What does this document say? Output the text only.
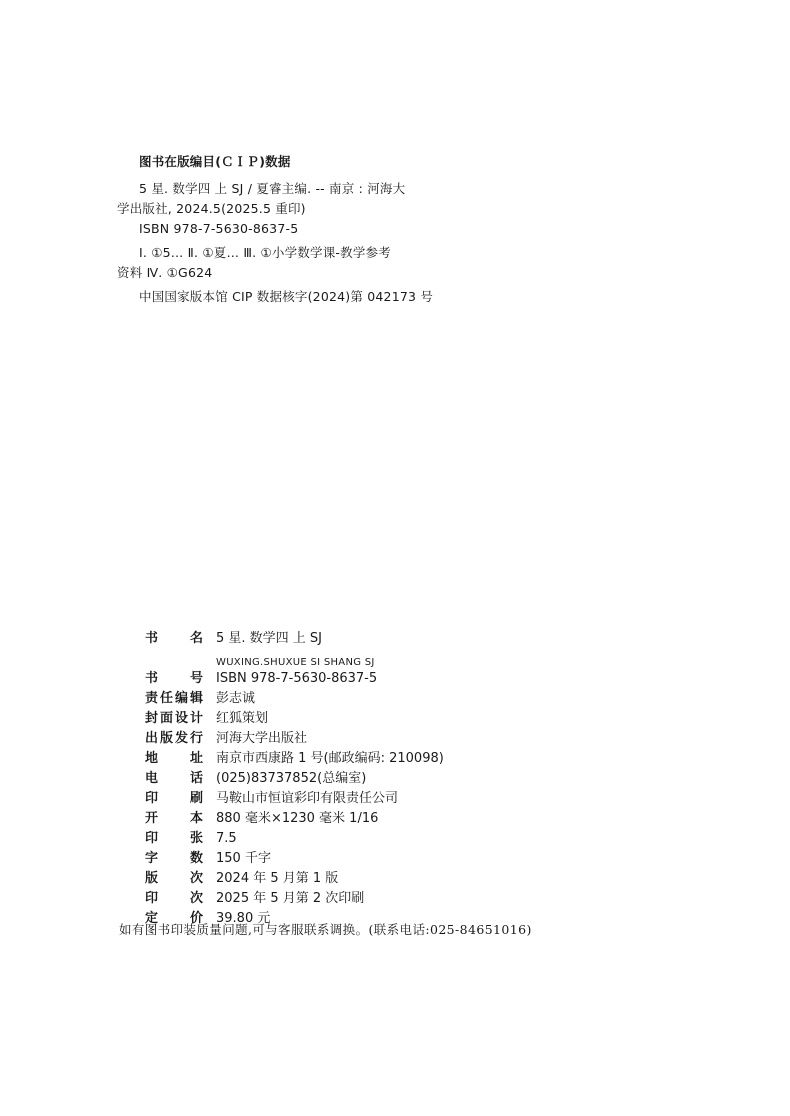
图书在版编目(ＣＩＰ)数据
5 星. 数学四 上 SJ / 夏睿主编. -- 南京 : 河海大
学出版社, 2024.5(2025.5 重印)
ISBN 978-7-5630-8637-5
Ⅰ. ①5… Ⅱ. ①夏… Ⅲ. ①小学数学课-教学参考
资料 Ⅳ. ①G624
中国国家版本馆 CIP 数据核字(2024)第 042173 号
书名 5 星. 数学四 上 SJ
WUXING.SHUXUE SI SHANG SJ
书号 ISBN 978-7-5630-8637-5
责任编辑 彭志诚
封面设计 红狐策划
出版发行 河海大学出版社
地址 南京市西康路 1 号(邮政编码: 210098)
电话 (025)83737852(总编室)
印刷 马鞍山市恒谊彩印有限责任公司
开本 880 毫米×1230 毫米 1/16
印张 7.5
字数 150 千字
版次 2024 年 5 月第 1 版
印次 2025 年 5 月第 2 次印刷
定价 39.80 元
如有图书印装质量问题,可与客服联系调换。(联系电话:025-84651016)
